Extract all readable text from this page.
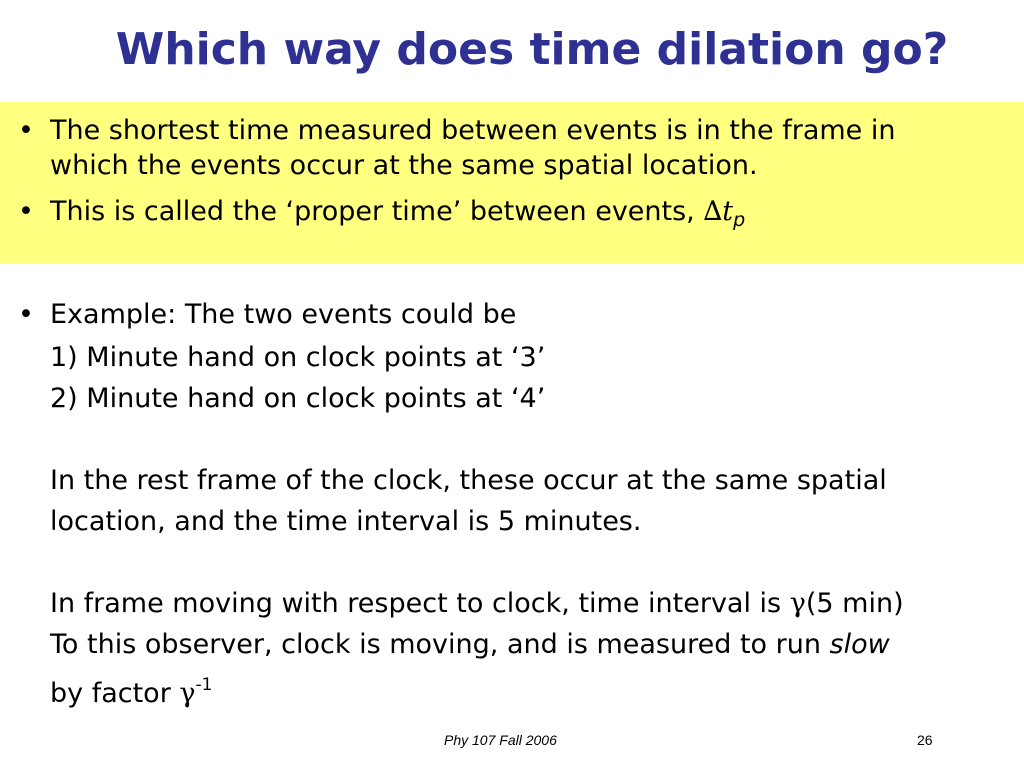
Which way does time dilation go?
• The shortest time measured between events is in the frame in
which the events occur at the same spatial location.
• This is called the ‘proper time’ between events, $\Delta t_p$
• Example: The two events could be
1) Minute hand on clock points at ‘3’
2) Minute hand on clock points at ‘4’
In the rest frame of the clock, these occur at the same spatial
location, and the time interval is 5 minutes.
In frame moving with respect to clock, time interval is γ(5 min)
To this observer, clock is moving, and is measured to run slow
by factor $\gamma^{-1}$
Phy 107 Fall 2006	26
